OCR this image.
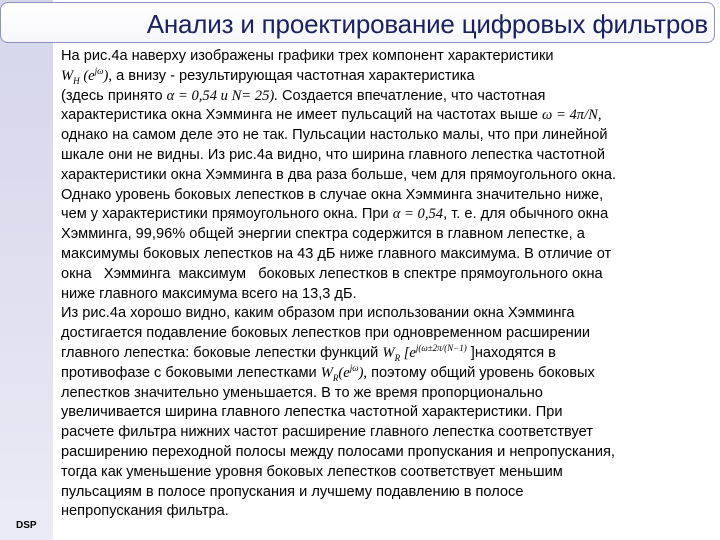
DSP
Анализ и проектирование цифровых фильтров
На рис.4а наверху изображены графики трех компонент характеристики
$W_H$ $(e^{j\omega})$, а внизу - результирующая частотная характеристика
(здесь принято α = 0,54 и N= 25). Создается впечатление, что частотная
характеристика окна Хэмминга не имеет пульсаций на частотах выше ω = 4π/N,
однако на самом деле это не так. Пульсации настолько малы, что при линейной
шкале они не видны. Из рис.4а видно, что ширина главного лепестка частотной
характеристики окна Хэмминга в два раза больше, чем для прямоугольного окна.
Однако уровень боковых лепестков в случае окна Хэмминга значительно ниже,
чем у характеристики прямоугольного окна. При α = 0,54, т. е. для обычного окна
Хэмминга, 99,96% общей энергии спектра содержится в главном лепестке, а
максимумы боковых лепестков на 43 дБ ниже главного максимума. В отличие от
окна   Хэмминга  максимум   боковых лепестков в спектре прямоугольного окна
ниже главного максимума всего на 13,3 дБ.
Из рис.4а хорошо видно, каким образом при использовании окна Хэмминга
достигается подавление боковых лепестков при одновременном расширении
главного лепестка: боковые лепестки функций $W_R$ [$e^{j(\omega\pm 2\pi/(N-1)}$ ]находятся в
противофазе с боковыми лепестками $W_R(e^{j\omega})$, поэтому общий уровень боковых
лепестков значительно уменьшается. В то же время пропорционально
увеличивается ширина главного лепестка частотной характеристики. При
расчете фильтра нижних частот расширение главного лепестка соответствует
расширению переходной полосы между полосами пропускания и непропускания,
тогда как уменьшение уровня боковых лепестков соответствует меньшим
пульсациям в полосе пропускания и лучшему подавлению в полосе
непропускания фильтра.
